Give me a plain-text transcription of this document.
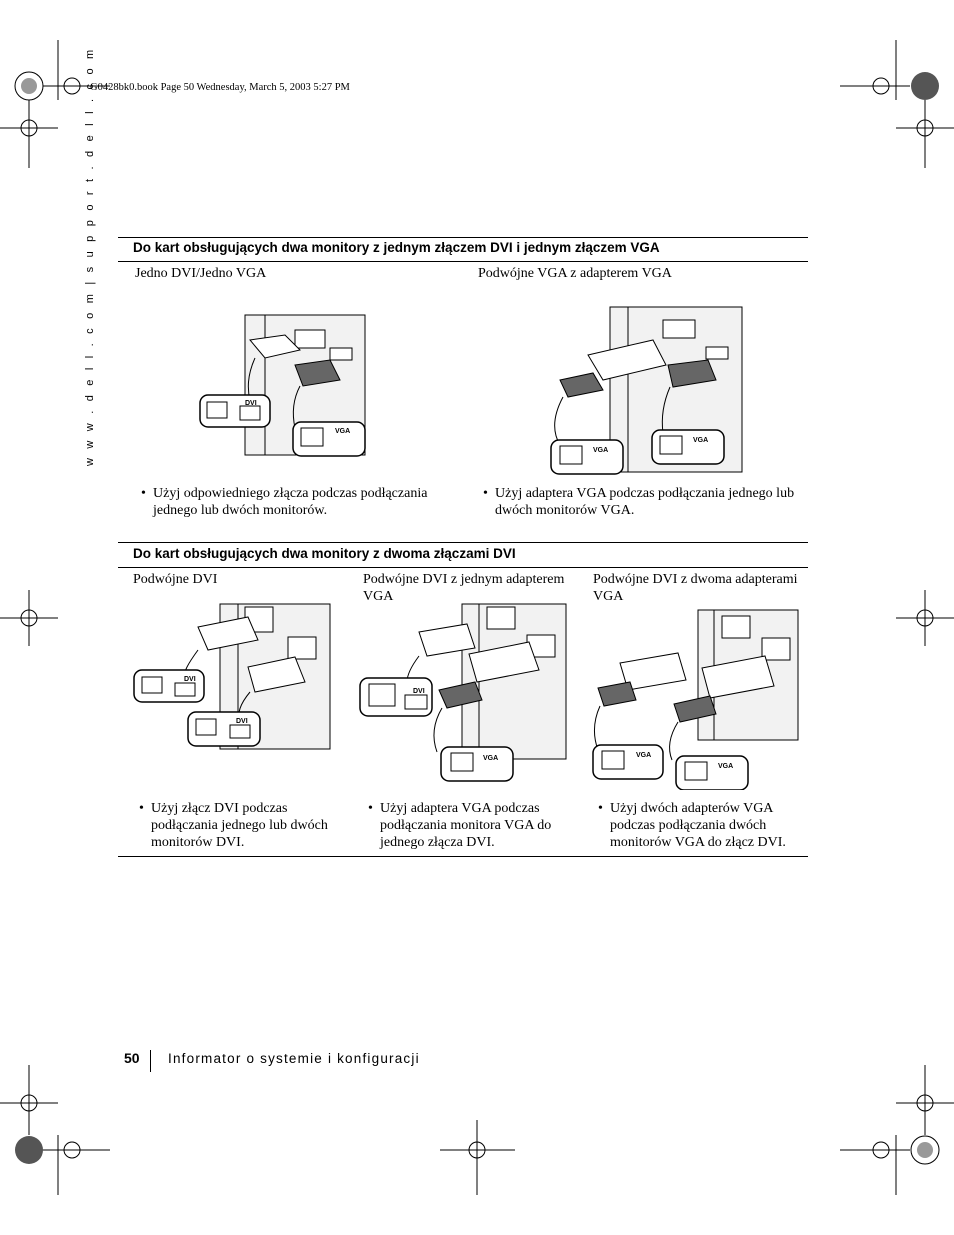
G0428bk0.book Page 50 Wednesday, March 5, 2003 5:27 PM
w w w . d e l l . c o m | s u p p o r t . d e l l . c o m	Do kart obsługujących dwa monitory z jednym złączem DVI i jednym złączem VGA
Jedno DVI/Jedno VGA	Podwójne VGA z adapterem VGA
DVI
VGA
VGA
VGA
• Użyj odpowiedniego złącza podczas podłączania jednego lub dwóch monitorów.
• Użyj adaptera VGA podczas podłączania jednego lub dwóch monitorów VGA.
Do kart obsługujących dwa monitory z dwoma złączami DVI
Podwójne DVI	Podwójne DVI z jednym adapterem VGA
Podwójne DVI z dwoma adapterami VGA
DVI
DVI
DVI
VGA	VGA
VGA
• Użyj złącz DVI podczas podłączania jednego lub dwóch monitorów DVI.
• Użyj adaptera VGA podczas podłączania monitora VGA do jednego złącza DVI.
• Użyj dwóch adapterów VGA podczas podłączania dwóch monitorów VGA do złącz DVI.
50 Informator o systemie i konfiguracji
